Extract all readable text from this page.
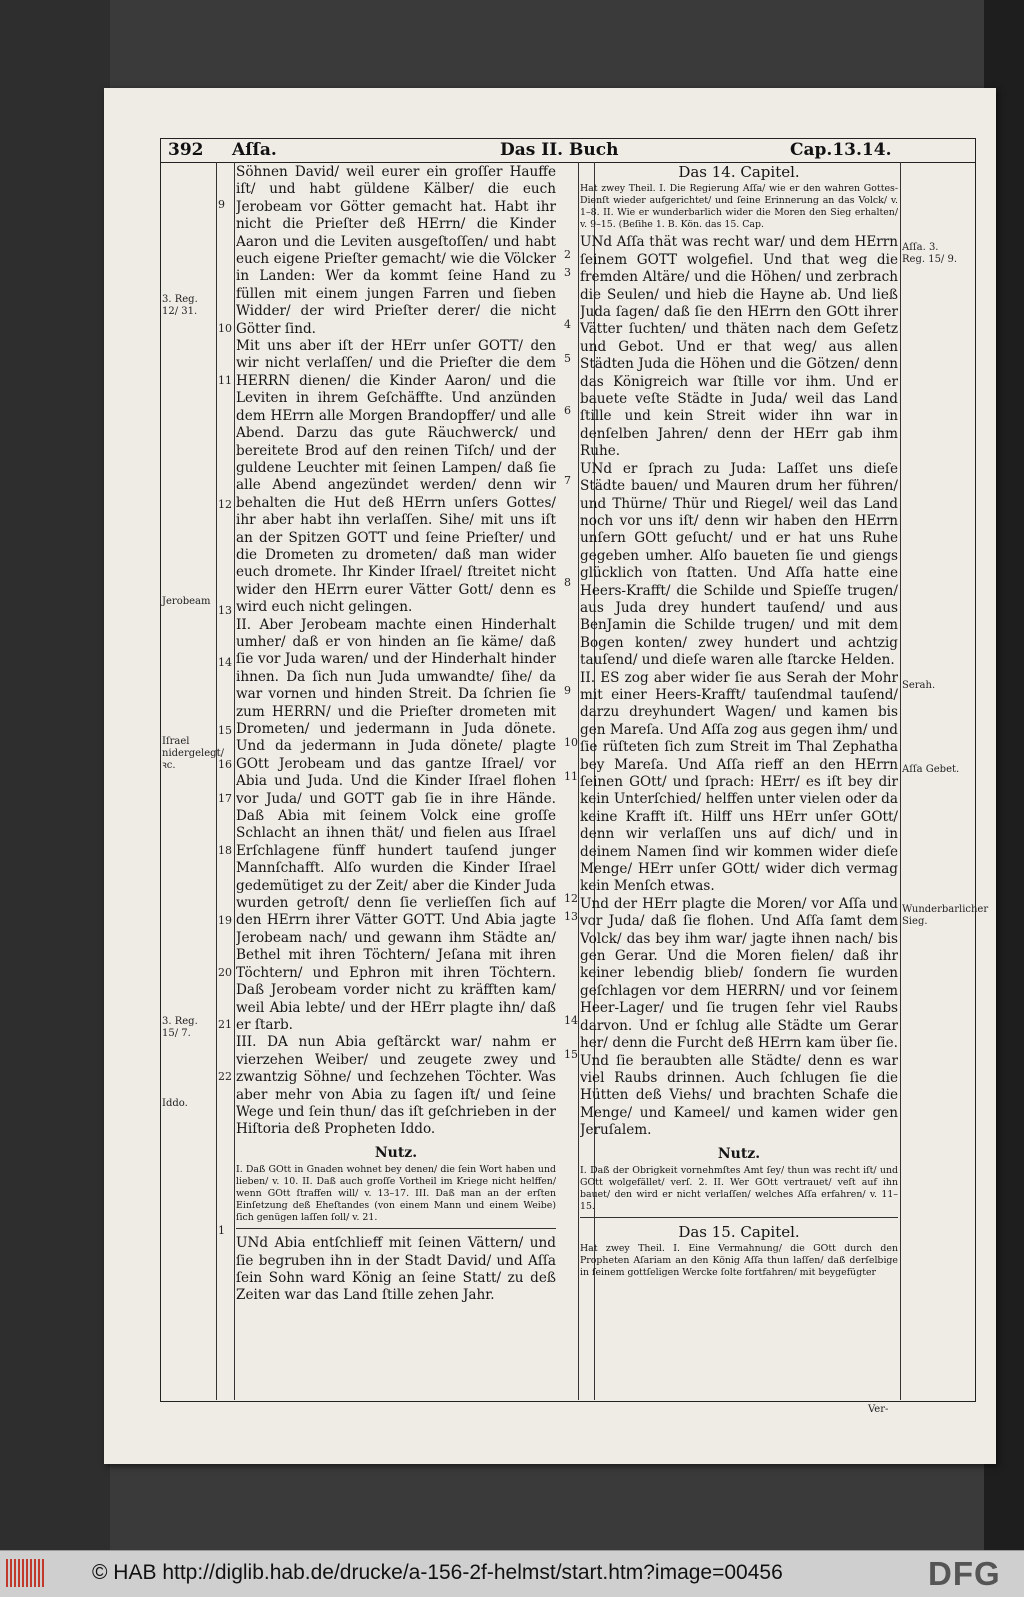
392 Aſſa.	Das II. Buch	Cap.13.14.

Söhnen David/ weil eurer ein groſſer Hauffe iſt/ und habt güldene Kälber/ die euch Jerobeam vor Götter gemacht hat. Habt ihr nicht die Prieſter deß HErrn/ die Kinder Aaron und die Leviten ausgeſtoſſen/ und habt euch eigene Prieſter gemacht/ wie die Völcker in Landen: Wer da kommt ſeine Hand zu füllen mit einem jungen Farren und ſieben Widder/ der wird Prieſter derer/ die nicht Götter ſind.

Mit uns aber iſt der HErr unſer GOTT/ den wir nicht verlaſſen/ und die Prieſter die dem HERRN dienen/ die Kinder Aaron/ und die Leviten in ihrem Geſchäffte. Und anzünden dem HErrn alle Morgen Brandopffer/ und alle Abend. Darzu das gute Räuchwerck/ und bereitete Brod auf den reinen Tiſch/ und der guldene Leuchter mit ſeinen Lampen/ daß ſie alle Abend angezündet werden/ denn wir behalten die Hut deß HErrn unſers Gottes/ ihr aber habt ihn verlaſſen. Sihe/ mit uns iſt an der Spitzen GOTT und ſeine Prieſter/ und die Drometen zu drometen/ daß man wider euch dromete. Ihr Kinder Iſrael/ ſtreitet nicht wider den HErrn eurer Vätter Gott/ denn es wird euch nicht gelingen.

II. Aber Jerobeam machte einen Hinderhalt umher/ daß er von hinden an ſie käme/ daß ſie vor Juda waren/ und der Hinderhalt hinder ihnen. Da ſich nun Juda umwandte/ ſihe/ da war vornen und hinden Streit. Da ſchrien ſie zum HERRN/ und die Prieſter drometen mit Drometen/ und jedermann in Juda dönete. Und da jedermann in Juda dönete/ plagte GOtt Jerobeam und das gantze Iſrael/ vor Abia und Juda. Und die Kinder Iſrael flohen vor Juda/ und GOTT gab ſie in ihre Hände. Daß Abia mit ſeinem Volck eine groſſe Schlacht an ihnen thät/ und fielen aus Iſrael Erſchlagene fünff hundert tauſend junger Mannſchafft. Alſo wurden die Kinder Iſrael gedemütiget zu der Zeit/ aber die Kinder Juda wurden getroſt/ denn ſie verlieſſen ſich auf den HErrn ihrer Vätter GOTT. Und Abia jagte Jerobeam nach/ und gewann ihm Städte an/ Bethel mit ihren Töchtern/ Jeſana mit ihren Töchtern/ und Ephron mit ihren Töchtern. Daß Jerobeam vorder nicht zu kräfften kam/ weil Abia lebte/ und der HErr plagte ihn/ daß er ſtarb.

III. DA nun Abia geſtärckt war/ nahm er vierzehen Weiber/ und zeugete zwey und zwantzig Söhne/ und ſechzehen Töchter. Was aber mehr von Abia zu ſagen iſt/ und ſeine Wege und ſein thun/ das iſt geſchrieben in der Hiſtoria deß Propheten Iddo.

Nutz.
I. Daß GOtt in Gnaden wohnet bey denen/ die ſein Wort haben und lieben/ v. 10. II. Daß auch groſſe Vortheil im Kriege nicht helffen/ wenn GOtt ſtraffen will/ v. 13–17. III. Daß man an der erſten Einſetzung deß Eheſtandes (von einem Mann und einem Weibe) ſich genügen laſſen ſoll/ v. 21.

UNd Abia entſchlieff mit ſeinen Vättern/ und ſie begruben ihn in der Stadt David/ und Aſſa ſein Sohn ward König an ſeine Statt/ zu deß Zeiten war das Land ſtille zehen Jahr.

Das 14. Capitel.
Hat zwey Theil. I. Die Regierung Aſſa/ wie er den wahren Gottes-Dienſt wieder aufgerichtet/ und ſeine Erinnerung an das Volck/ v. 1–8. II. Wie er wunderbarlich wider die Moren den Sieg erhalten/ v. 9–15. (Beſihe 1. B. Kön. das 15. Cap.

UNd Aſſa thät was recht war/ und dem HErrn ſeinem GOTT wolgefiel. Und that weg die fremden Altäre/ und die Höhen/ und zerbrach die Seulen/ und hieb die Hayne ab. Und ließ Juda ſagen/ daß ſie den HErrn den GOtt ihrer Vätter ſuchten/ und thäten nach dem Geſetz und Gebot. Und er that weg/ aus allen Städten Juda die Höhen und die Götzen/ denn das Königreich war ſtille vor ihm. Und er bauete veſte Städte in Juda/ weil das Land ſtille und kein Streit wider ihn war in denſelben Jahren/ denn der HErr gab ihm Ruhe.

UNd er ſprach zu Juda: Laſſet uns dieſe Städte bauen/ und Mauren drum her führen/ und Thürne/ Thür und Riegel/ weil das Land noch vor uns iſt/ denn wir haben den HErrn unſern GOtt geſucht/ und er hat uns Ruhe gegeben umher. Alſo baueten ſie und giengs glücklich von ſtatten. Und Aſſa hatte eine Heers-Krafft/ die Schilde und Spieſſe trugen/ aus Juda drey hundert tauſend/ und aus BenJamin die Schilde trugen/ und mit dem Bogen konten/ zwey hundert und achtzig tauſend/ und dieſe waren alle ſtarcke Helden.

II. ES zog aber wider ſie aus Serah der Mohr mit einer Heers-Krafft/ tauſendmal tauſend/ darzu dreyhundert Wagen/ und kamen bis gen Mareſa. Und Aſſa zog aus gegen ihm/ und ſie rüſteten ſich zum Streit im Thal Zephatha bey Mareſa. Und Aſſa rieff an den HErrn ſeinen GOtt/ und ſprach: HErr/ es iſt bey dir kein Unterſchied/ helffen unter vielen oder da keine Krafft iſt. Hilff uns HErr unſer GOtt/ denn wir verlaſſen uns auf dich/ und in deinem Namen ſind wir kommen wider dieſe Menge/ HErr unſer GOtt/ wider dich vermag kein Menſch etwas.

Und der HErr plagte die Moren/ vor Aſſa und vor Juda/ daß ſie flohen. Und Aſſa ſamt dem Volck/ das bey ihm war/ jagte ihnen nach/ bis gen Gerar. Und die Moren fielen/ daß ihr keiner lebendig blieb/ ſondern ſie wurden geſchlagen vor dem HERRN/ und vor ſeinem Heer-Lager/ und ſie trugen ſehr viel Raubs darvon. Und er ſchlug alle Städte um Gerar her/ denn die Furcht deß HErrn kam über ſie. Und ſie beraubten alle Städte/ denn es war viel Raubs drinnen. Auch ſchlugen ſie die Hütten deß Viehs/ und brachten Schafe die Menge/ und Kameel/ und kamen wider gen Jeruſalem.

Nutz.
I. Daß der Obrigkeit vornehmſtes Amt ſey/ thun was recht iſt/ und GOtt wolgefället/ verſ. 2. II. Wer GOtt vertrauet/ veſt auf ihn bauet/ den wird er nicht verlaſſen/ welches Aſſa erfahren/ v. 11–15.
Das 15. Capitel.
Hat zwey Theil. I. Eine Vermahnung/ die GOtt durch den Propheten Aſariam an den König Aſſa thun laſſen/ daß derſelbige in ſeinem gottſeligen Wercke ſolte fortfahren/ mit beygefügter
3. Reg. 12/ 31.
Jerobeam
Iſrael nidergelegt/ ꝛc.
3. Reg. 15/ 7.
Iddo.
Aſſa. 3. Reg. 15/ 9.
Serah.
Aſſa Gebet.
Wunderbarlicher Sieg.
9
10
11
12
13
14
15
16
17
18
19
20
21
22
1
2
3
4
5
6
7
8
9
10
11
12
13
14
15
Ver-
© HAB http://diglib.hab.de/drucke/a-156-2f-helmst/start.htm?image=00456	DFG
